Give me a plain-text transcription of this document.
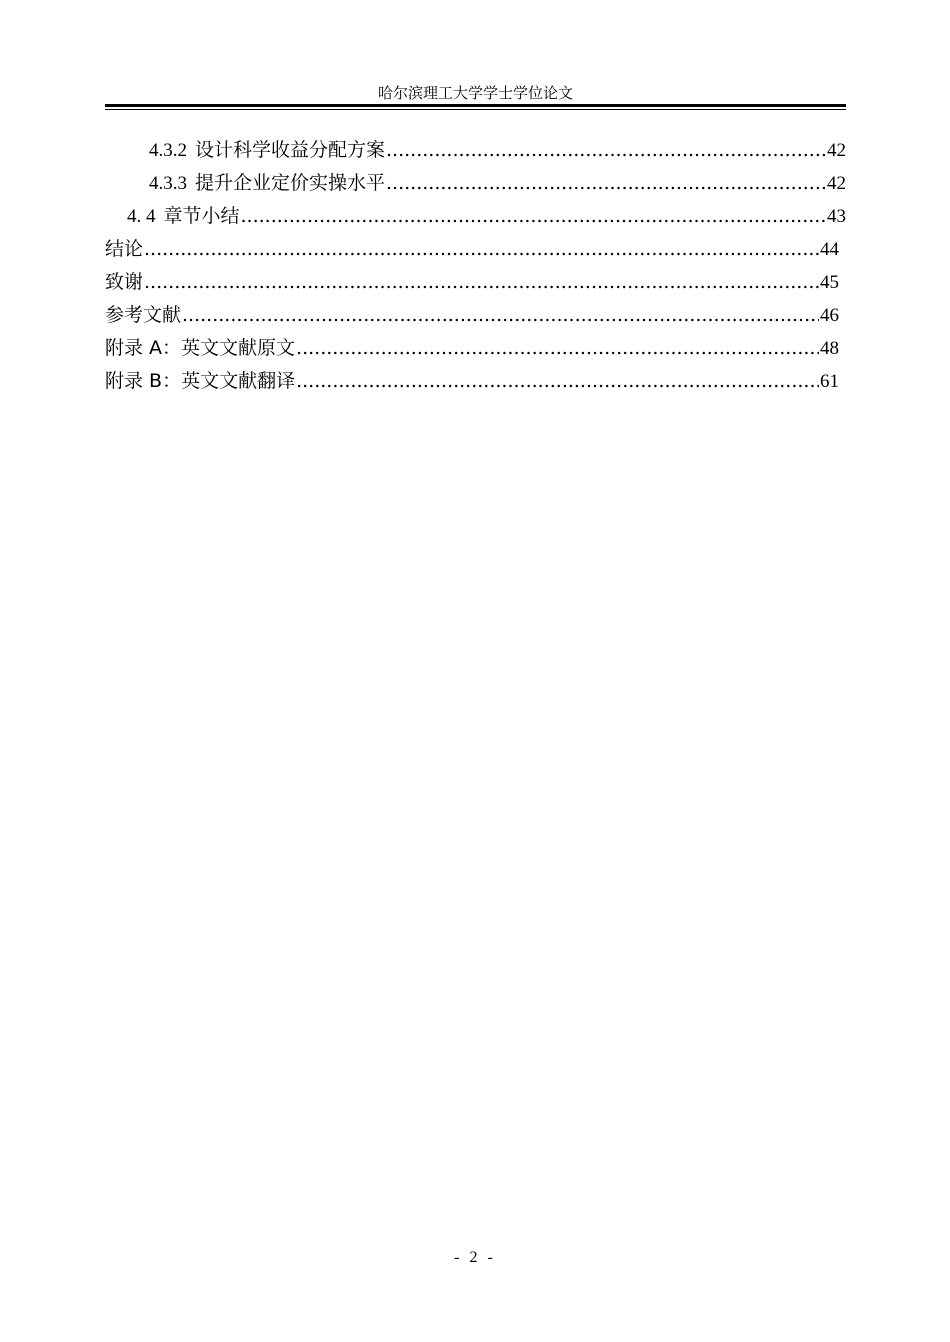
哈尔滨理工大学学士学位论文
4.3.2 设计科学收益分配方案 .....	42
4.3.3 提升企业定价实操水平 .....	42
4. 4 章节小结 .....	43
结论 .....	44
致谢 .....	45
参考文献 .....	46
附录 A：英文文献原文 .....	48
附录 B：英文文献翻译 .....	61
- 2 -
